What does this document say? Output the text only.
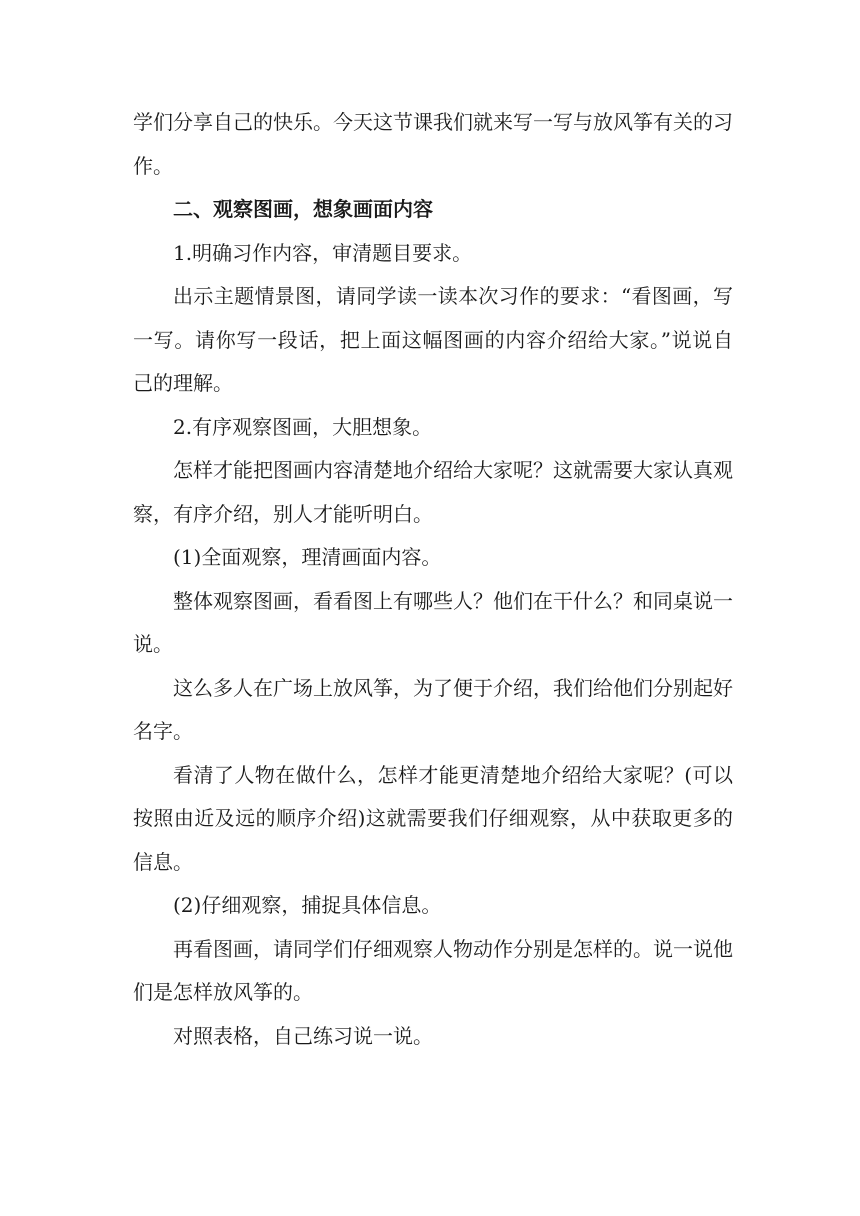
学们分享自己的快乐。今天这节课我们就来写一写与放风筝有关的习作。

二、观察图画，想象画面内容

1.明确习作内容，审清题目要求。

出示主题情景图，请同学读一读本次习作的要求：“看图画，写一写。请你写一段话，把上面这幅图画的内容介绍给大家。”说说自己的理解。

2.有序观察图画，大胆想象。

怎样才能把图画内容清楚地介绍给大家呢？这就需要大家认真观察，有序介绍，别人才能听明白。

(1)全面观察，理清画面内容。

整体观察图画，看看图上有哪些人？他们在干什么？和同桌说一说。

这么多人在广场上放风筝，为了便于介绍，我们给他们分别起好名字。

看清了人物在做什么，怎样才能更清楚地介绍给大家呢？(可以按照由近及远的顺序介绍)这就需要我们仔细观察，从中获取更多的信息。

(2)仔细观察，捕捉具体信息。

再看图画，请同学们仔细观察人物动作分别是怎样的。说一说他们是怎样放风筝的。

对照表格，自己练习说一说。
